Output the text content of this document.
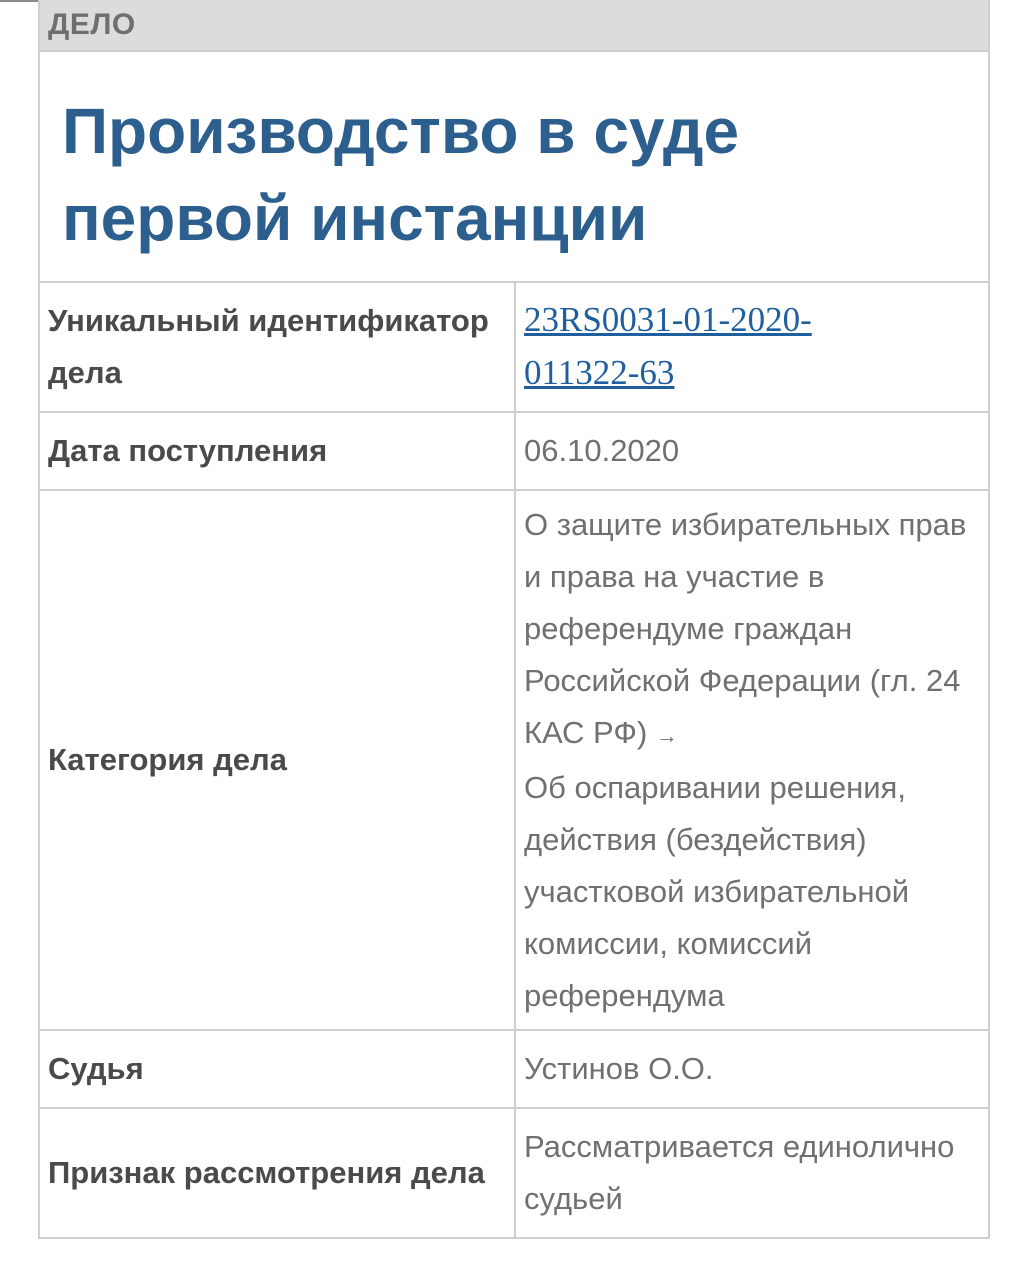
ДЕЛО
Производство в суде
первой инстанции
Уникальный идентификатор дела	23RS0031-01-2020-
011322-63
Дата поступления	06.10.2020
Категория дела	О защите избирательных прав и права на участие в референдуме граждан Российской Федерации (гл. 24 КАС РФ) →
Об оспаривании решения, действия (бездействия) участковой избирательной комиссии, комиссий референдума
Судья	Устинов О.О.
Признак рассмотрения дела	Рассматривается единолично судьей
